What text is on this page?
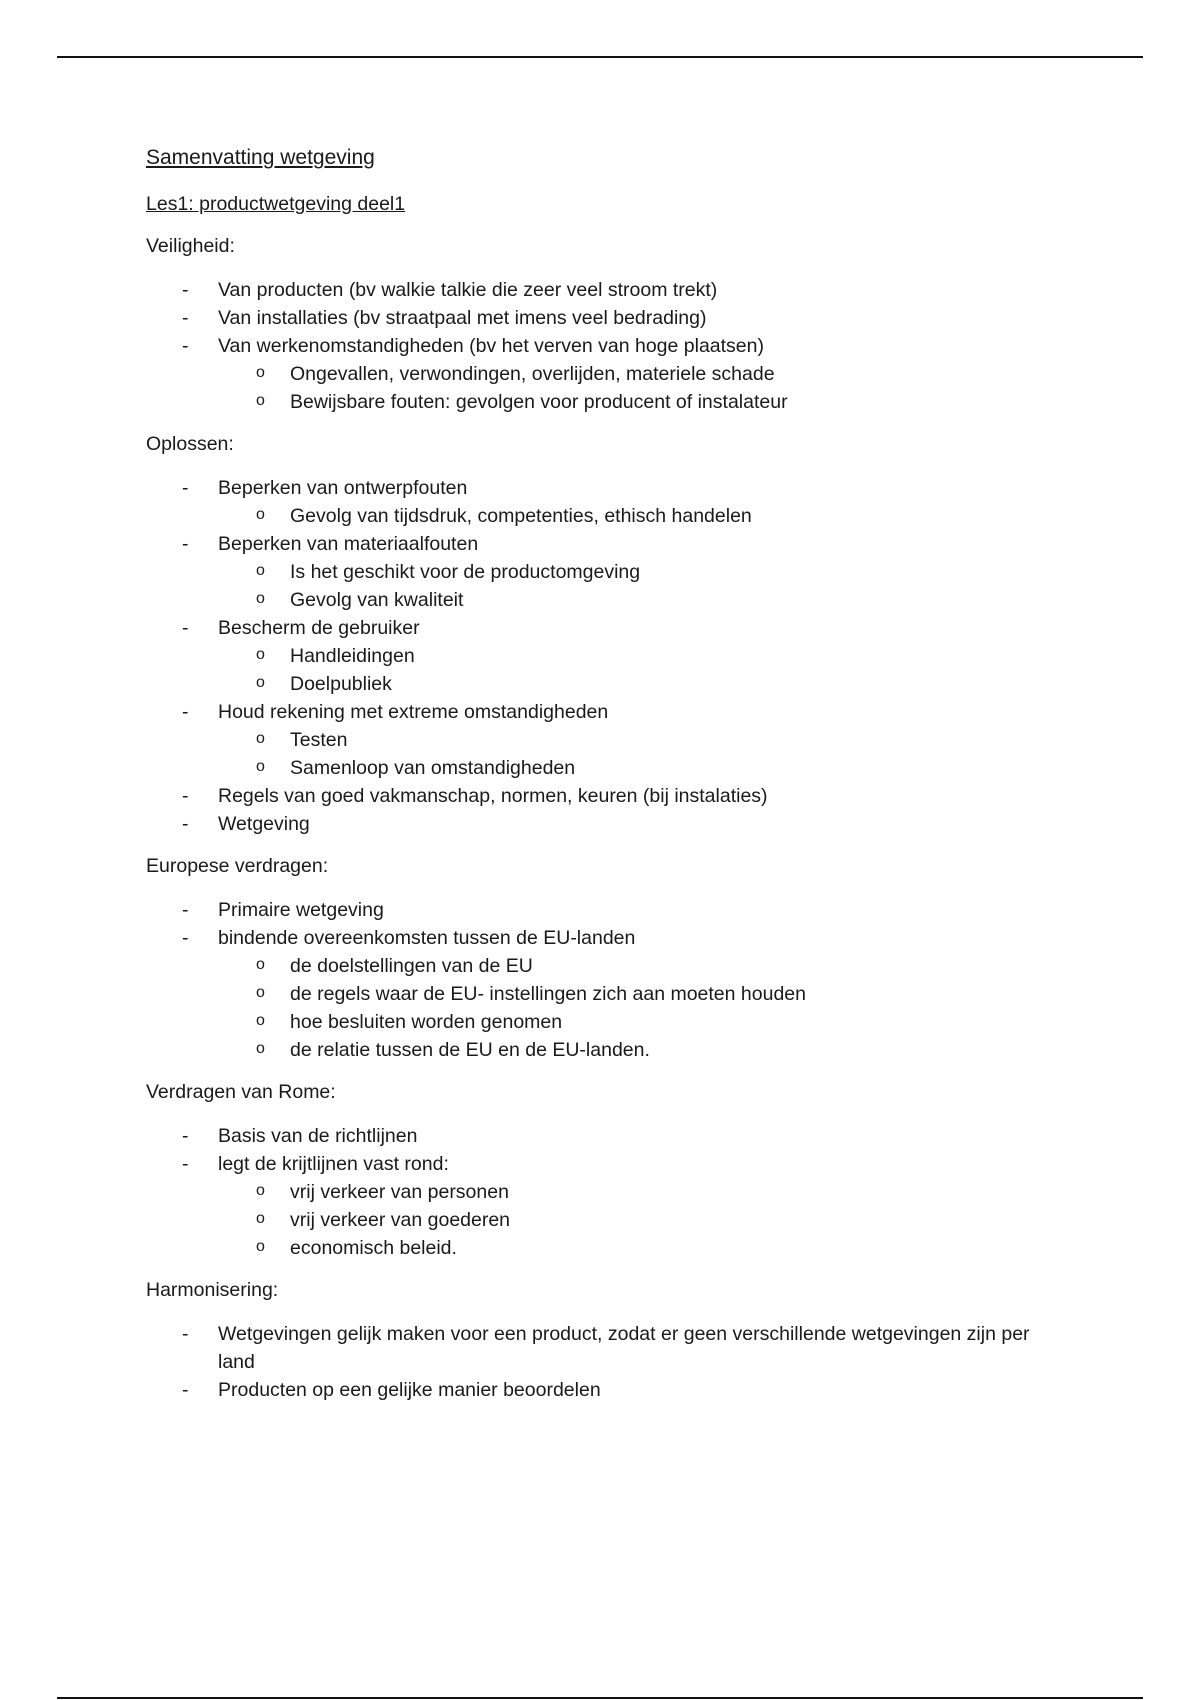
Samenvatting wetgeving
Les1: productwetgeving deel1
Veiligheid:
- Van producten (bv walkie talkie die zeer veel stroom trekt)
- Van installaties (bv straatpaal met imens veel bedrading)
- Van werkenomstandigheden (bv het verven van hoge plaatsen)
o Ongevallen, verwondingen, overlijden, materiele schade
o Bewijsbare fouten: gevolgen voor producent of instalateur
Oplossen:
- Beperken van ontwerpfouten
o Gevolg van tijdsdruk, competenties, ethisch handelen
- Beperken van materiaalfouten
o Is het geschikt voor de productomgeving
o Gevolg van kwaliteit
- Bescherm de gebruiker
o Handleidingen
o Doelpubliek
- Houd rekening met extreme omstandigheden
o Testen
o Samenloop van omstandigheden
- Regels van goed vakmanschap, normen, keuren (bij instalaties)
- Wetgeving
Europese verdragen:
- Primaire wetgeving
- bindende overeenkomsten tussen de EU-landen
o de doelstellingen van de EU
o de regels waar de EU- instellingen zich aan moeten houden
o hoe besluiten worden genomen
o de relatie tussen de EU en de EU-landen.
Verdragen van Rome:
- Basis van de richtlijnen
- legt de krijtlijnen vast rond:
o vrij verkeer van personen
o vrij verkeer van goederen
o economisch beleid.
Harmonisering:
- Wetgevingen gelijk maken voor een product, zodat er geen verschillende wetgevingen zijn per land
- Producten op een gelijke manier beoordelen
